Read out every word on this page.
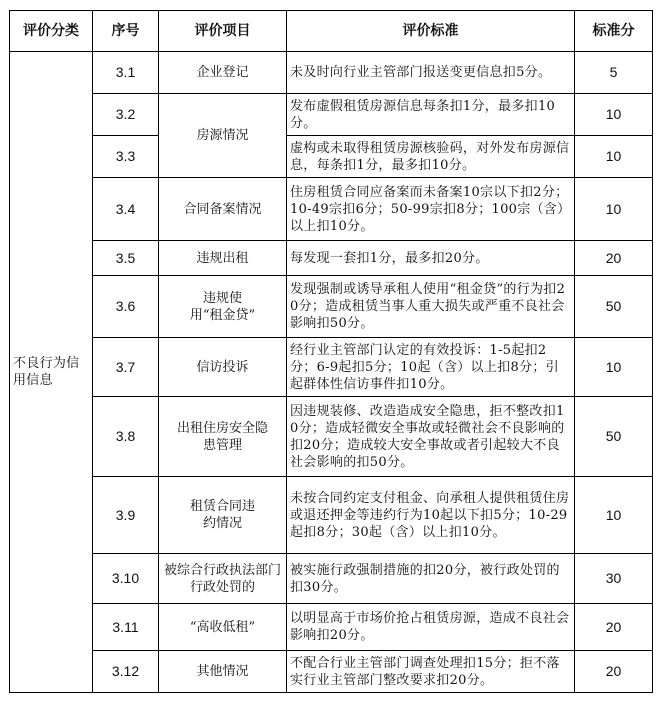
评价分类	序号	评价项目	评价标准	标准分
不良行为信用信息	3.1	企业登记	未及时向行业主管部门报送变更信息扣5分。	5
	3.2	房源情况	发布虚假租赁房源信息每条扣1分，最多扣10分。	10
	3.3		虚构或未取得租赁房源核验码，对外发布房源信息，每条扣1分，最多扣10分。	10
	3.4	合同备案情况	住房租赁合同应备案而未备案10宗以下扣2分；10-49宗扣6分；50-99宗扣8分；100宗（含）以上扣10分。	10
	3.5	违规出租	每发现一套扣1分，最多扣20分。	20
	3.6	违规使用“租金贷”	发现强制或诱导承租人使用“租金贷”的行为扣20分；造成租赁当事人重大损失或严重不良社会影响扣50分。	50
	3.7	信访投诉	经行业主管部门认定的有效投诉：1-5起扣2分；6-9起扣5分；10起（含）以上扣8分；引起群体性信访事件扣10分。	10
	3.8	出租住房安全隐患管理	因违规装修、改造造成安全隐患，拒不整改扣10分；造成轻微安全事故或轻微社会不良影响的扣20分；造成较大安全事故或者引起较大不良社会影响的扣50分。	50
	3.9	租赁合同违约情况	未按合同约定支付租金、向承租人提供租赁住房或退还押金等违约行为10起以下扣5分；10-29起扣8分；30起（含）以上扣10分。	10
	3.10	被综合行政执法部门行政处罚的	被实施行政强制措施的扣20分，被行政处罚的扣30分。	30
	3.11	“高收低租”	以明显高于市场价抢占租赁房源，造成不良社会影响扣20分。	20
	3.12	其他情况	不配合行业主管部门调查处理扣15分；拒不落实行业主管部门整改要求扣20分。	20
